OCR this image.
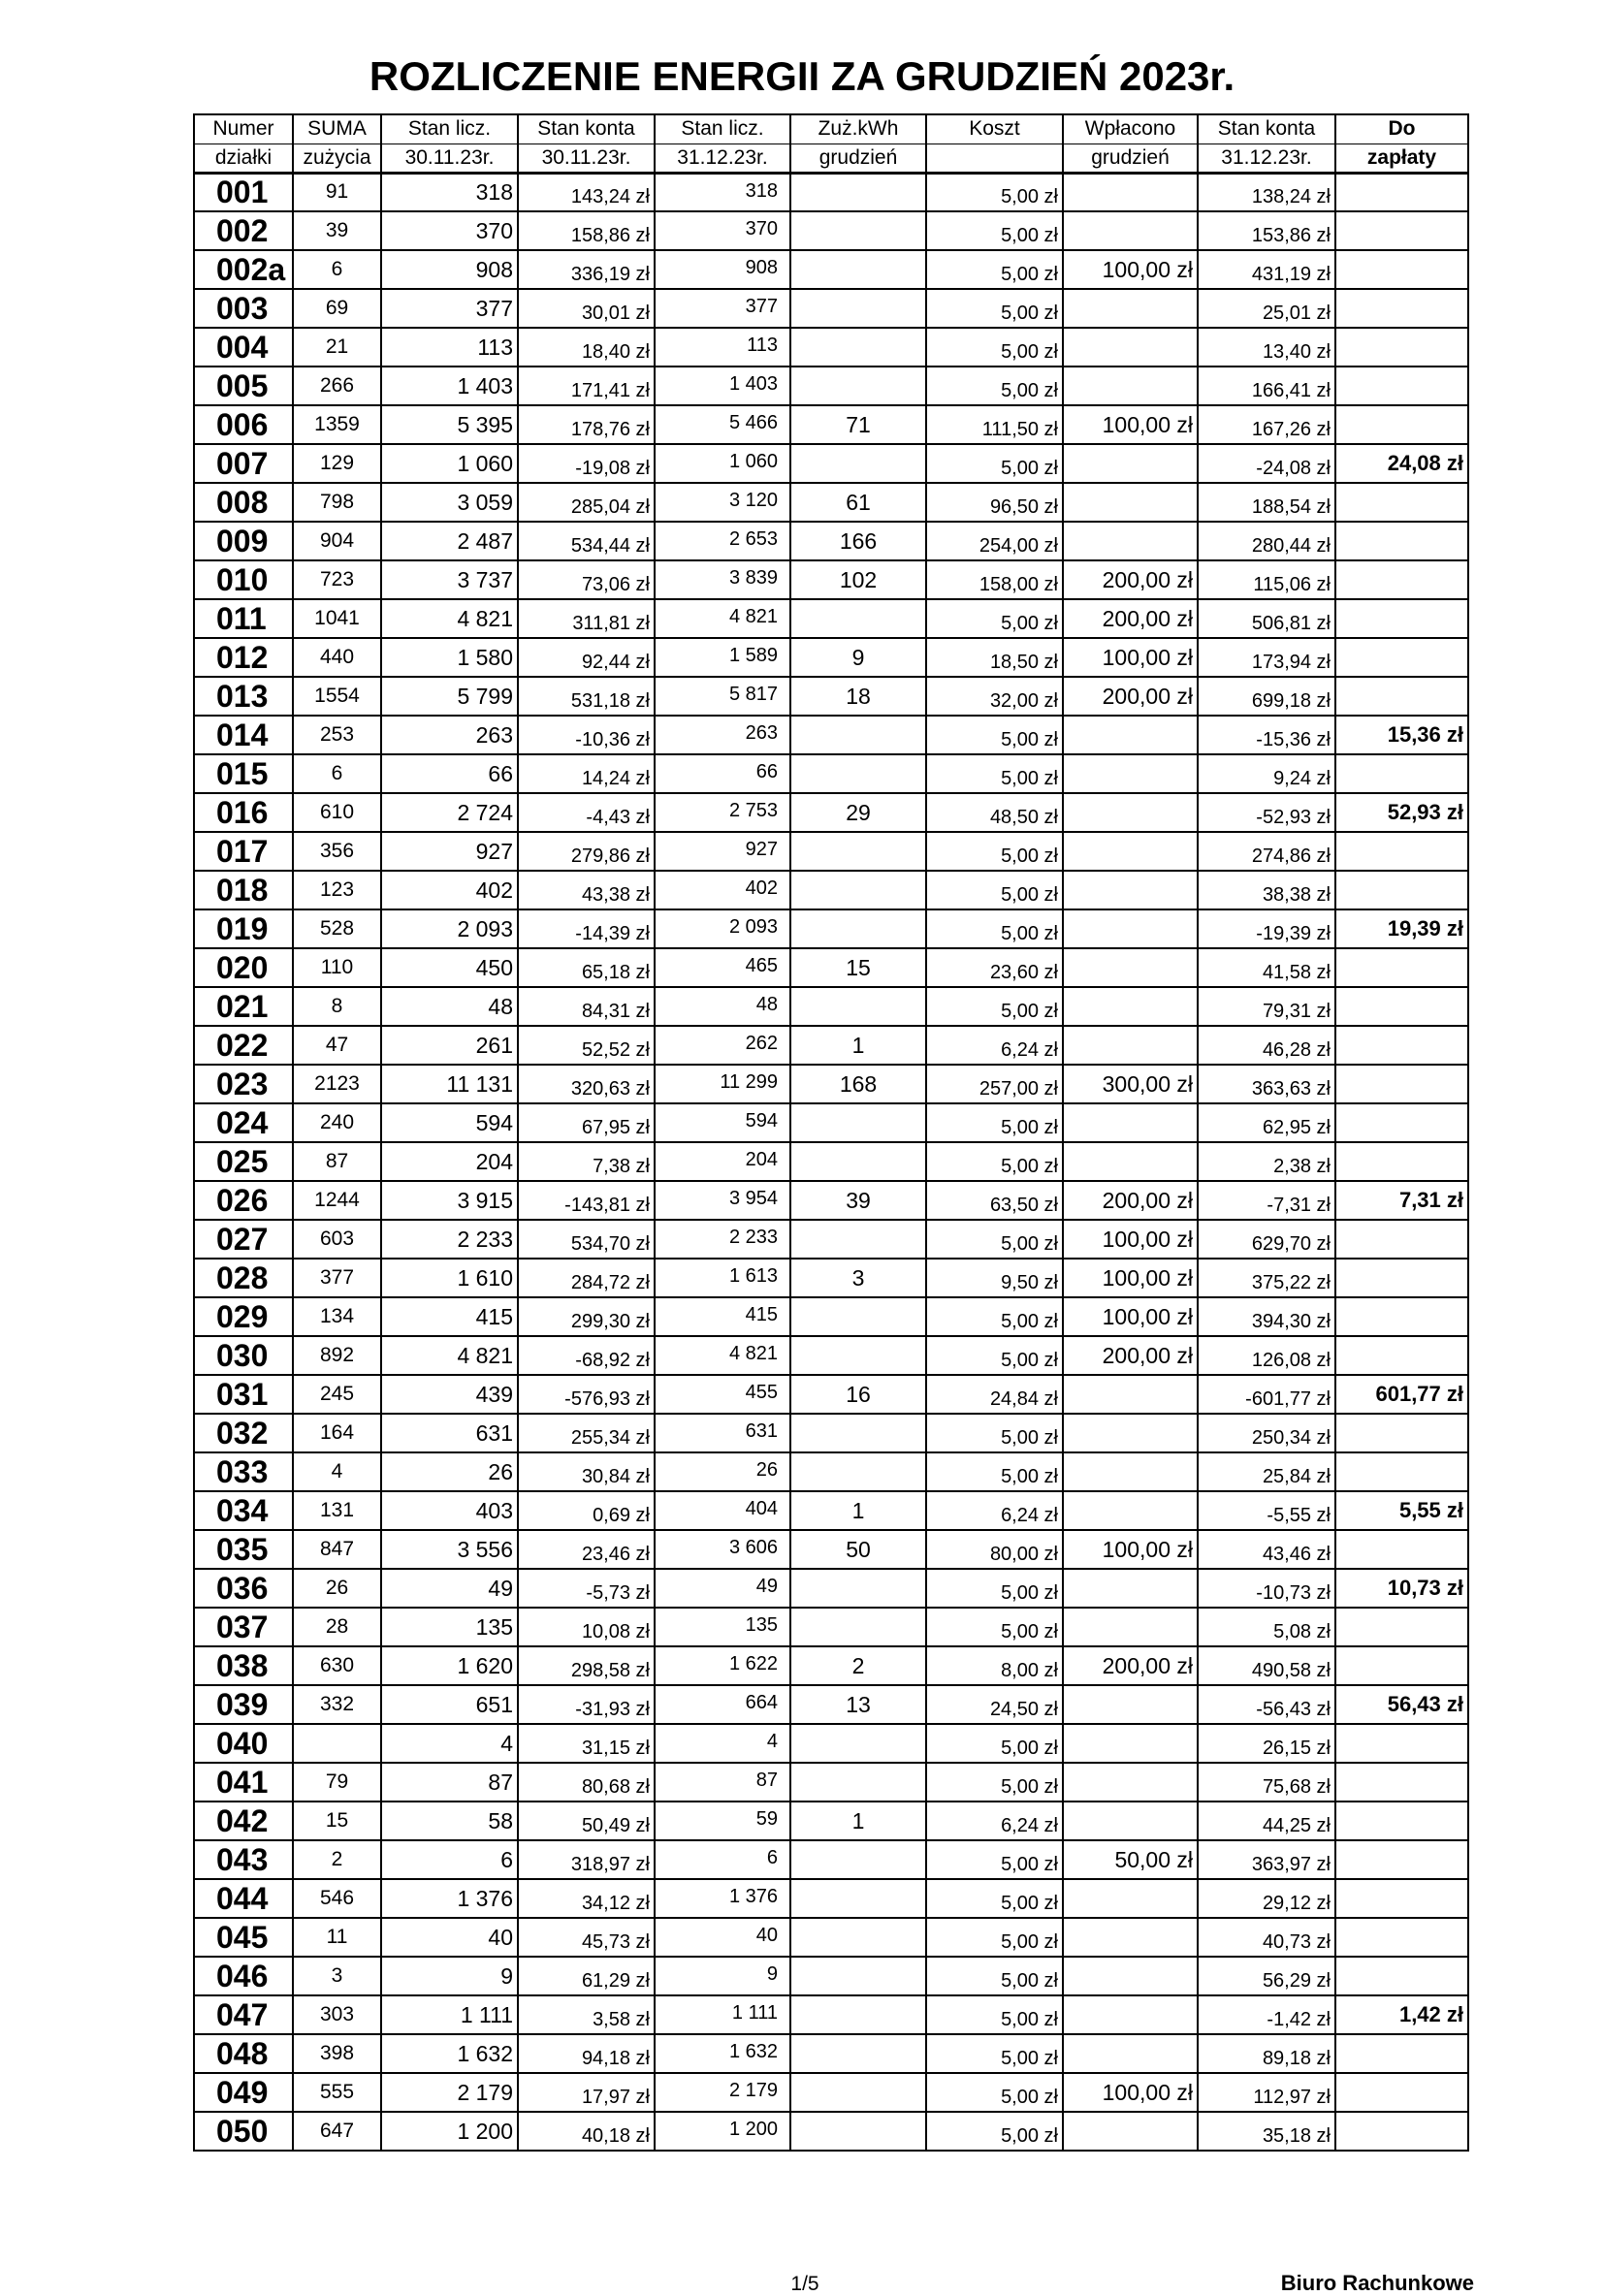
ROZLICZENIE ENERGII ZA GRUDZIEŃ 2023r.
Numer	SUMA	Stan licz.	Stan konta	Stan licz.	Zuż.kWh	Koszt	Wpłacono	Stan konta	Do
działki	zużycia	30.11.23r.	30.11.23r.	31.12.23r.	grudzień		grudzień	31.12.23r.	zapłaty
001	91	318	143,24 zł	318		5,00 zł		138,24 zł	
002	39	370	158,86 zł	370		5,00 zł		153,86 zł	
002a	6	908	336,19 zł	908		5,00 zł	100,00 zł	431,19 zł	
003	69	377	30,01 zł	377		5,00 zł		25,01 zł	
004	21	113	18,40 zł	113		5,00 zł		13,40 zł	
005	266	1 403	171,41 zł	1 403		5,00 zł		166,41 zł	
006	1359	5 395	178,76 zł	5 466	71	111,50 zł	100,00 zł	167,26 zł	
007	129	1 060	-19,08 zł	1 060		5,00 zł		-24,08 zł	24,08 zł
008	798	3 059	285,04 zł	3 120	61	96,50 zł		188,54 zł	
009	904	2 487	534,44 zł	2 653	166	254,00 zł		280,44 zł	
010	723	3 737	73,06 zł	3 839	102	158,00 zł	200,00 zł	115,06 zł	
011	1041	4 821	311,81 zł	4 821		5,00 zł	200,00 zł	506,81 zł	
012	440	1 580	92,44 zł	1 589	9	18,50 zł	100,00 zł	173,94 zł	
013	1554	5 799	531,18 zł	5 817	18	32,00 zł	200,00 zł	699,18 zł	
014	253	263	-10,36 zł	263		5,00 zł		-15,36 zł	15,36 zł
015	6	66	14,24 zł	66		5,00 zł		9,24 zł	
016	610	2 724	-4,43 zł	2 753	29	48,50 zł		-52,93 zł	52,93 zł
017	356	927	279,86 zł	927		5,00 zł		274,86 zł	
018	123	402	43,38 zł	402		5,00 zł		38,38 zł	
019	528	2 093	-14,39 zł	2 093		5,00 zł		-19,39 zł	19,39 zł
020	110	450	65,18 zł	465	15	23,60 zł		41,58 zł	
021	8	48	84,31 zł	48		5,00 zł		79,31 zł	
022	47	261	52,52 zł	262	1	6,24 zł		46,28 zł	
023	2123	11 131	320,63 zł	11 299	168	257,00 zł	300,00 zł	363,63 zł	
024	240	594	67,95 zł	594		5,00 zł		62,95 zł	
025	87	204	7,38 zł	204		5,00 zł		2,38 zł	
026	1244	3 915	-143,81 zł	3 954	39	63,50 zł	200,00 zł	-7,31 zł	7,31 zł
027	603	2 233	534,70 zł	2 233		5,00 zł	100,00 zł	629,70 zł	
028	377	1 610	284,72 zł	1 613	3	9,50 zł	100,00 zł	375,22 zł	
029	134	415	299,30 zł	415		5,00 zł	100,00 zł	394,30 zł	
030	892	4 821	-68,92 zł	4 821		5,00 zł	200,00 zł	126,08 zł	
031	245	439	-576,93 zł	455	16	24,84 zł		-601,77 zł	601,77 zł
032	164	631	255,34 zł	631		5,00 zł		250,34 zł	
033	4	26	30,84 zł	26		5,00 zł		25,84 zł	
034	131	403	0,69 zł	404	1	6,24 zł		-5,55 zł	5,55 zł
035	847	3 556	23,46 zł	3 606	50	80,00 zł	100,00 zł	43,46 zł	
036	26	49	-5,73 zł	49		5,00 zł		-10,73 zł	10,73 zł
037	28	135	10,08 zł	135		5,00 zł		5,08 zł	
038	630	1 620	298,58 zł	1 622	2	8,00 zł	200,00 zł	490,58 zł	
039	332	651	-31,93 zł	664	13	24,50 zł		-56,43 zł	56,43 zł
040		4	31,15 zł	4		5,00 zł		26,15 zł	
041	79	87	80,68 zł	87		5,00 zł		75,68 zł	
042	15	58	50,49 zł	59	1	6,24 zł		44,25 zł	
043	2	6	318,97 zł	6		5,00 zł	50,00 zł	363,97 zł	
044	546	1 376	34,12 zł	1 376		5,00 zł		29,12 zł	
045	11	40	45,73 zł	40		5,00 zł		40,73 zł	
046	3	9	61,29 zł	9		5,00 zł		56,29 zł	
047	303	1 111	3,58 zł	1 111		5,00 zł		-1,42 zł	1,42 zł
048	398	1 632	94,18 zł	1 632		5,00 zł		89,18 zł	
049	555	2 179	17,97 zł	2 179		5,00 zł	100,00 zł	112,97 zł	
050	647	1 200	40,18 zł	1 200		5,00 zł		35,18 zł	
1/5	Biuro Rachunkowe
